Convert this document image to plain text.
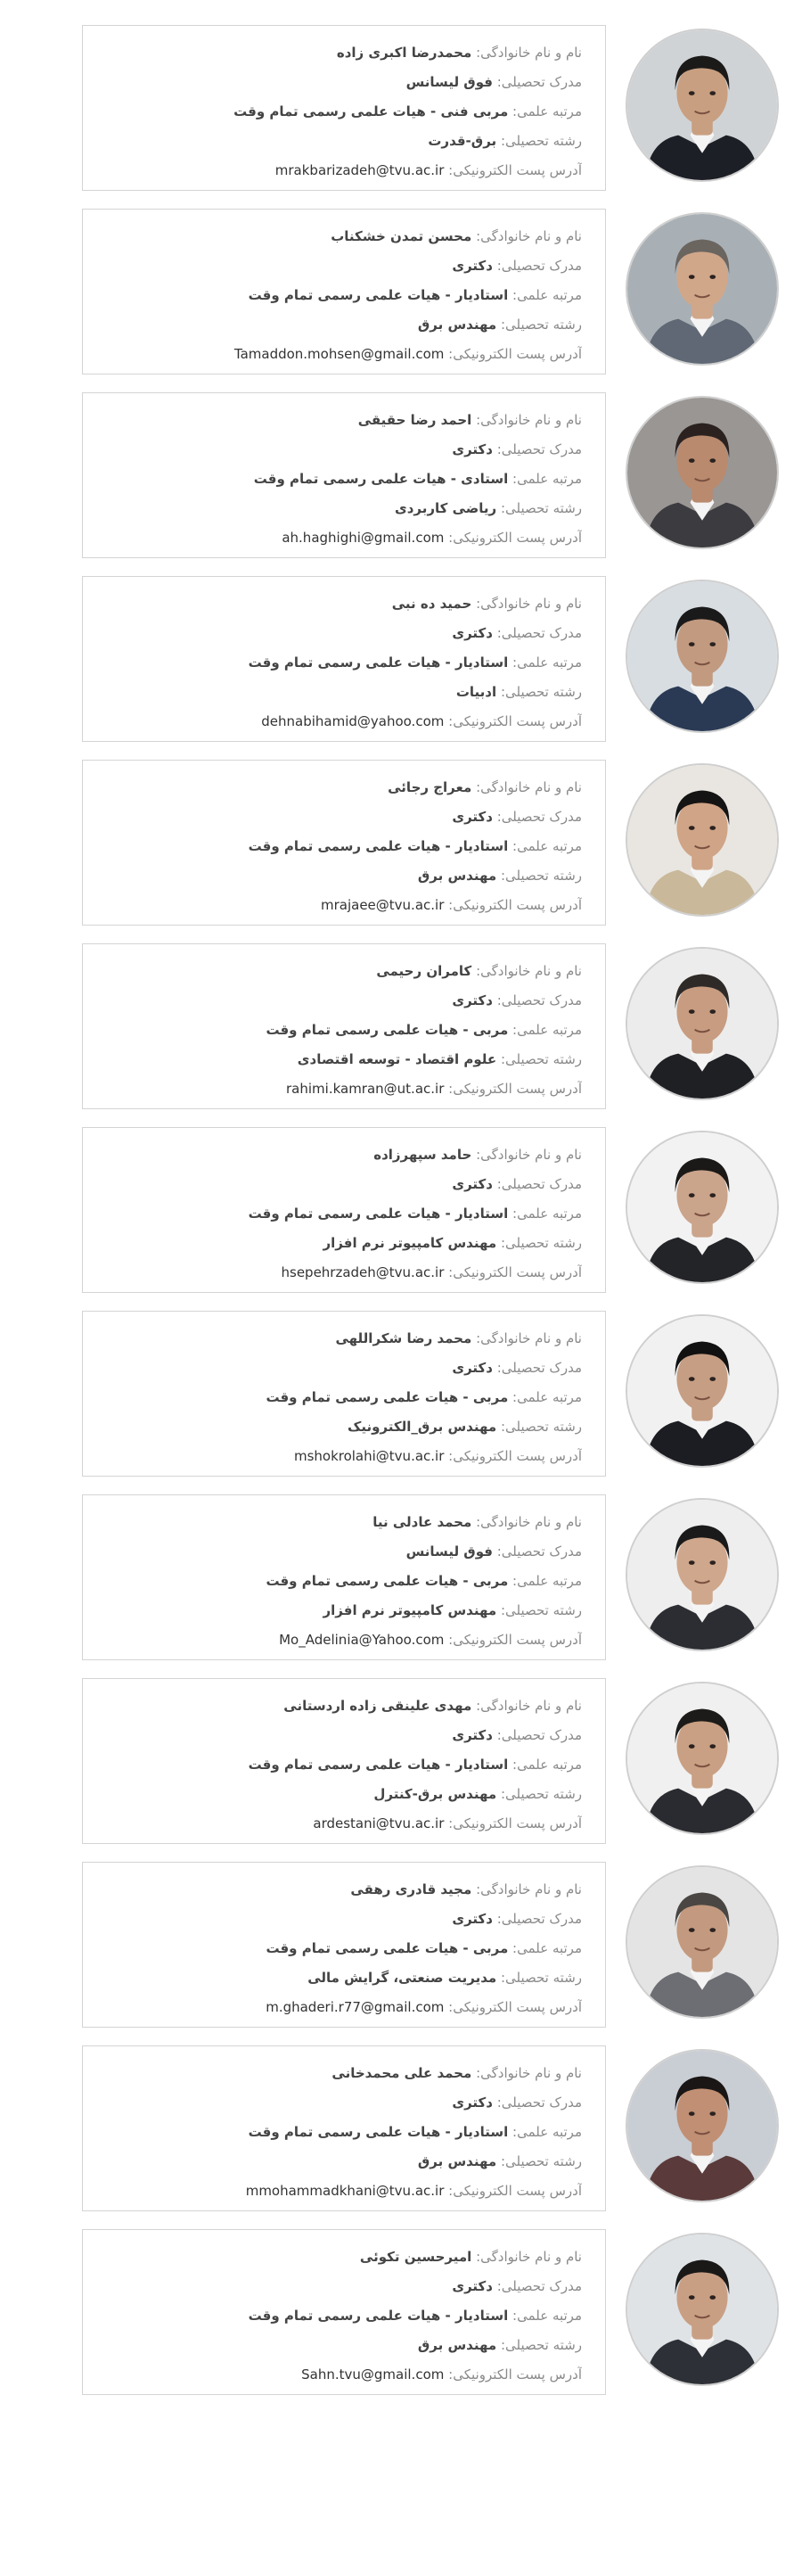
نام و نام خانوادگی: محمدرضا اکبری زاده
مدرک تحصیلی: فوق لیسانس
مرتبه علمی: مربی فنی - هیات علمی رسمی تمام وقت
رشته تحصیلی: برق-قدرت
آدرس پست الکترونیکی: mrakbarizadeh@tvu.ac.ir
نام و نام خانوادگی: محسن تمدن خشکناب
مدرک تحصیلی: دکتری
مرتبه علمی: استادیار - هیات علمی رسمی تمام وقت
رشته تحصیلی: مهندس برق
آدرس پست الکترونیکی: Tamaddon.mohsen@gmail.com
نام و نام خانوادگی: احمد رضا حقیقی
مدرک تحصیلی: دکتری
مرتبه علمی: استادی - هیات علمی رسمی تمام وقت
رشته تحصیلی: ریاضی کاربردی
آدرس پست الکترونیکی: ah.haghighi@gmail.com
نام و نام خانوادگی: حمید ده نبی
مدرک تحصیلی: دکتری
مرتبه علمی: استادیار - هیات علمی رسمی تمام وقت
رشته تحصیلی: ادبیات
آدرس پست الکترونیکی: dehnabihamid@yahoo.com
نام و نام خانوادگی: معراج رجائی
مدرک تحصیلی: دکتری
مرتبه علمی: استادیار - هیات علمی رسمی تمام وقت
رشته تحصیلی: مهندس برق
آدرس پست الکترونیکی: mrajaee@tvu.ac.ir
نام و نام خانوادگی: کامران رحیمی
مدرک تحصیلی: دکتری
مرتبه علمی: مربی - هیات علمی رسمی تمام وقت
رشته تحصیلی: علوم اقتصاد - توسعه اقتصادی
آدرس پست الکترونیکی: rahimi.kamran@ut.ac.ir
نام و نام خانوادگی: حامد سپهرزاده
مدرک تحصیلی: دکتری
مرتبه علمی: استادیار - هیات علمی رسمی تمام وقت
رشته تحصیلی: مهندس کامپیوتر نرم افزار
آدرس پست الکترونیکی: hsepehrzadeh@tvu.ac.ir
نام و نام خانوادگی: محمد رضا شکراللهی
مدرک تحصیلی: دکتری
مرتبه علمی: مربی - هیات علمی رسمی تمام وقت
رشته تحصیلی: مهندس برق_الکترونیک
آدرس پست الکترونیکی: mshokrolahi@tvu.ac.ir
نام و نام خانوادگی: محمد عادلی نیا
مدرک تحصیلی: فوق لیسانس
مرتبه علمی: مربی - هیات علمی رسمی تمام وقت
رشته تحصیلی: مهندس کامپیوتر نرم افزار
آدرس پست الکترونیکی: Mo_Adelinia@Yahoo.com
نام و نام خانوادگی: مهدی علینقی زاده اردستانی
مدرک تحصیلی: دکتری
مرتبه علمی: استادیار - هیات علمی رسمی تمام وقت
رشته تحصیلی: مهندس برق-کنترل
آدرس پست الکترونیکی: ardestani@tvu.ac.ir
نام و نام خانوادگی: مجید قادری رهقی
مدرک تحصیلی: دکتری
مرتبه علمی: مربی - هیات علمی رسمی تمام وقت
رشته تحصیلی: مدیریت صنعتی، گرایش مالی
آدرس پست الکترونیکی: m.ghaderi.r77@gmail.com
نام و نام خانوادگی: محمد علی محمدخانی
مدرک تحصیلی: دکتری
مرتبه علمی: استادیار - هیات علمی رسمی تمام وقت
رشته تحصیلی: مهندس برق
آدرس پست الکترونیکی: mmohammadkhani@tvu.ac.ir
نام و نام خانوادگی: امیرحسین تکوئی
مدرک تحصیلی: دکتری
مرتبه علمی: استادیار - هیات علمی رسمی تمام وقت
رشته تحصیلی: مهندس برق
آدرس پست الکترونیکی: Sahn.tvu@gmail.com
